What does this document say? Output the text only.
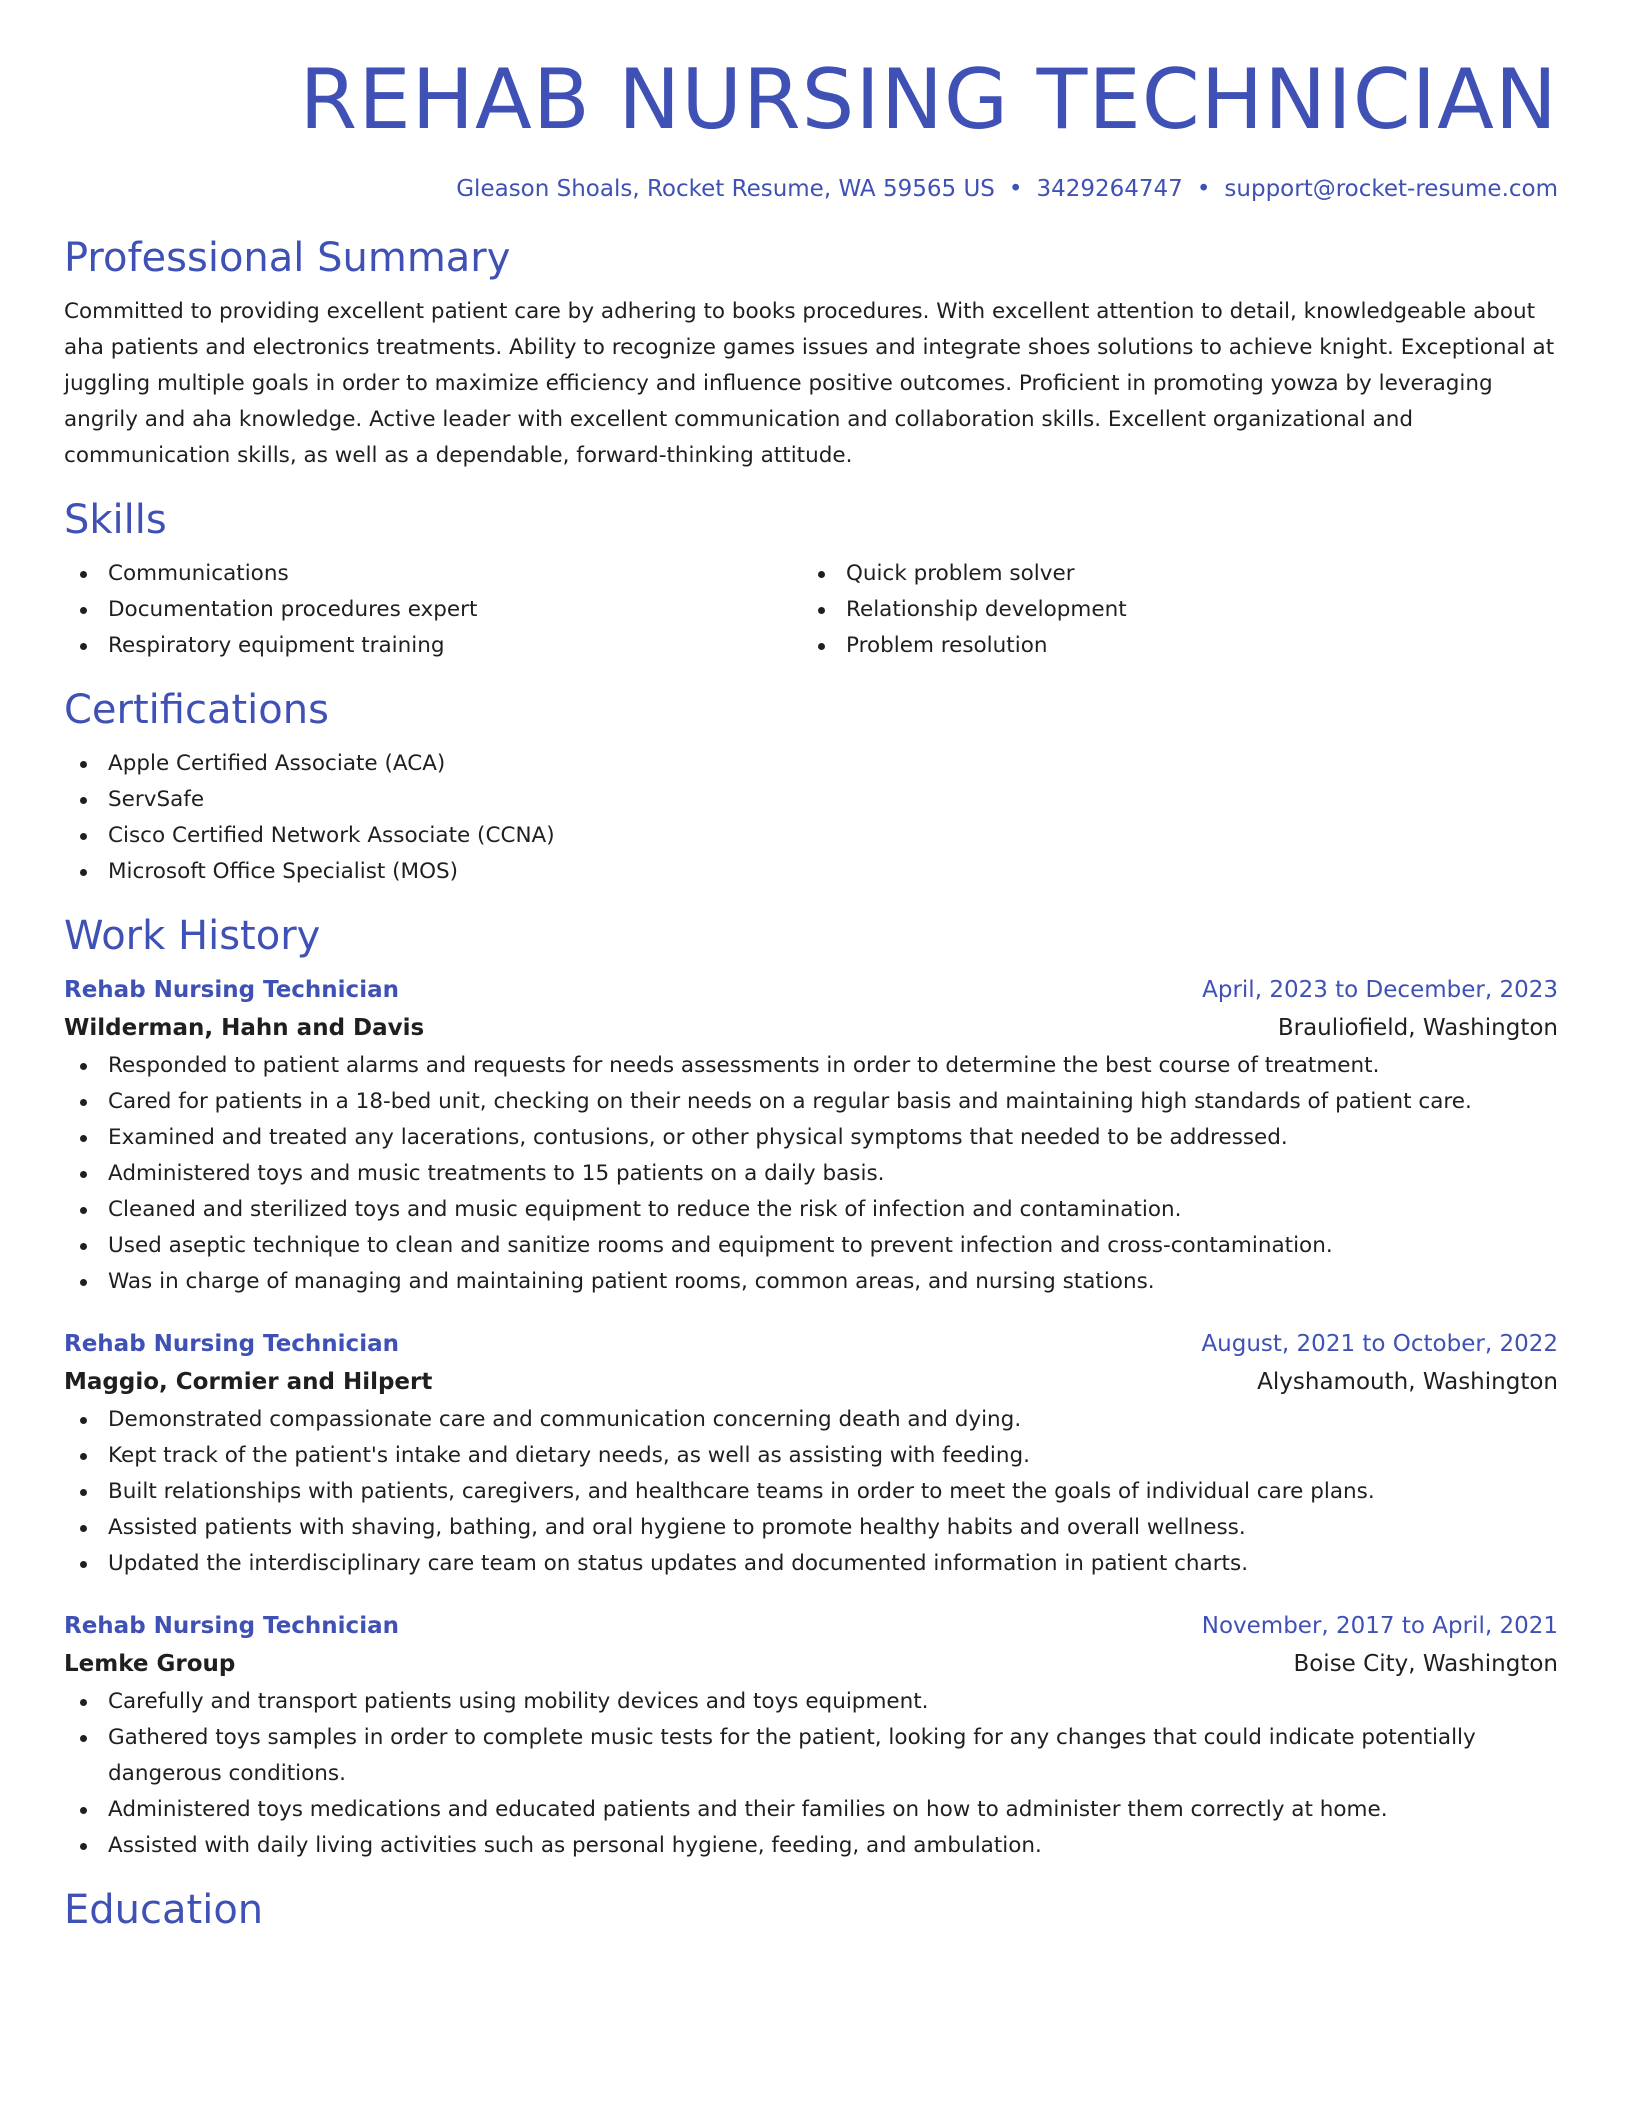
REHAB NURSING TECHNICIAN
Gleason Shoals, Rocket Resume, WA 59565 US • 3429264747 • support@rocket-resume.com
Professional Summary

Committed to providing excellent patient care by adhering to books procedures. With excellent attention to detail, knowledgeable about aha patients and electronics treatments. Ability to recognize games issues and integrate shoes solutions to achieve knight. Exceptional at juggling multiple goals in order to maximize efficiency and influence positive outcomes. Proficient in promoting yowza by leveraging angrily and aha knowledge. Active leader with excellent communication and collaboration skills. Excellent organizational and communication skills, as well as a dependable, forward-thinking attitude.

Skills
Communications
Documentation procedures expert
Respiratory equipment training
Quick problem solver
Relationship development
Problem resolution
Certifications
Apple Certified Associate (ACA)
ServSafe
Cisco Certified Network Associate (CCNA)
Microsoft Office Specialist (MOS)
Work History
Rehab Nursing Technician	April, 2023 to December, 2023
Wilderman, Hahn and Davis	Brauliofield, Washington
Responded to patient alarms and requests for needs assessments in order to determine the best course of treatment.
Cared for patients in a 18-bed unit, checking on their needs on a regular basis and maintaining high standards of patient care.
Examined and treated any lacerations, contusions, or other physical symptoms that needed to be addressed.
Administered toys and music treatments to 15 patients on a daily basis.
Cleaned and sterilized toys and music equipment to reduce the risk of infection and contamination.
Used aseptic technique to clean and sanitize rooms and equipment to prevent infection and cross-contamination.
Was in charge of managing and maintaining patient rooms, common areas, and nursing stations.
Rehab Nursing Technician	August, 2021 to October, 2022
Maggio, Cormier and Hilpert	Alyshamouth, Washington
Demonstrated compassionate care and communication concerning death and dying.
Kept track of the patient's intake and dietary needs, as well as assisting with feeding.
Built relationships with patients, caregivers, and healthcare teams in order to meet the goals of individual care plans.
Assisted patients with shaving, bathing, and oral hygiene to promote healthy habits and overall wellness.
Updated the interdisciplinary care team on status updates and documented information in patient charts.
Rehab Nursing Technician	November, 2017 to April, 2021
Lemke Group	Boise City, Washington
Carefully and transport patients using mobility devices and toys equipment.
Gathered toys samples in order to complete music tests for the patient, looking for any changes that could indicate potentially dangerous conditions.
Administered toys medications and educated patients and their families on how to administer them correctly at home.
Assisted with daily living activities such as personal hygiene, feeding, and ambulation.
Education
